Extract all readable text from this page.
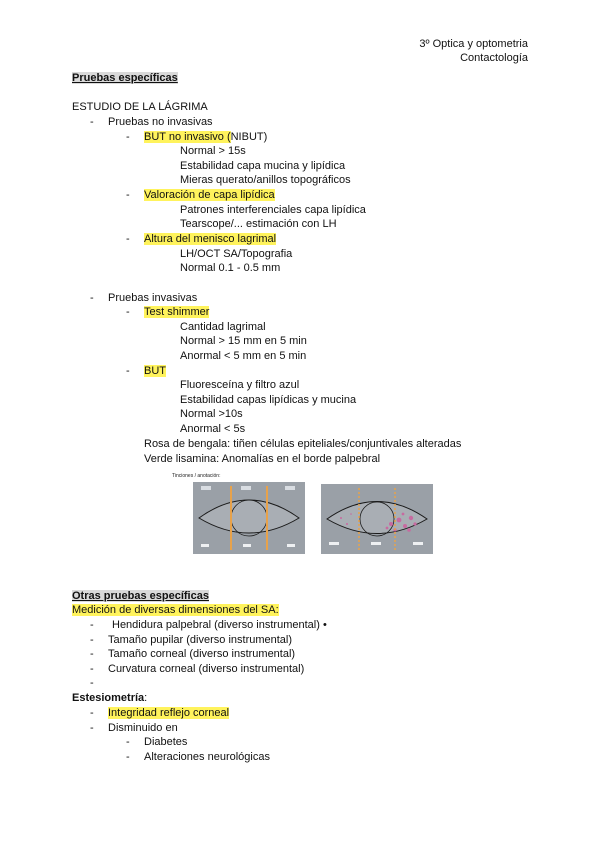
3º Optica y optometria
Contactología
Pruebas específicas
ESTUDIO DE LA LÁGRIMA
- Pruebas no invasivas
- BUT no invasivo (NIBUT)
Normal > 15s
Estabilidad capa mucina y lipídica
Mieras querato/anillos topográficos
- Valoración de capa lipídica
Patrones interferenciales capa lipídica
Tearscope/... estimación con LH
- Altura del menisco lagrimal
LH/OCT SA/Topografia
Normal 0.1 - 0.5 mm
- Pruebas invasivas
- Test shimmer
Cantidad lagrimal
Normal > 15 mm en 5 min
Anormal < 5 mm en 5 min
- BUT
Fluoresceína y filtro azul
Estabilidad capas lipídicas y mucina
Normal >10s
Anormal < 5s
Rosa de bengala: tiñen células epiteliales/conjuntivales alteradas
Verde lisamina: Anomalías en el borde palpebral
Tinciones / anotación:
Otras pruebas específicas
Medición de diversas dimensiones del SA:
- Hendidura palpebral (diverso instrumental) •
- Tamaño pupilar (diverso instrumental)
- Tamaño corneal (diverso instrumental)
- Curvatura corneal (diverso instrumental)
-
Estesiometría:
- Integridad reflejo corneal
- Disminuido en
- Diabetes
- Alteraciones neurológicas
